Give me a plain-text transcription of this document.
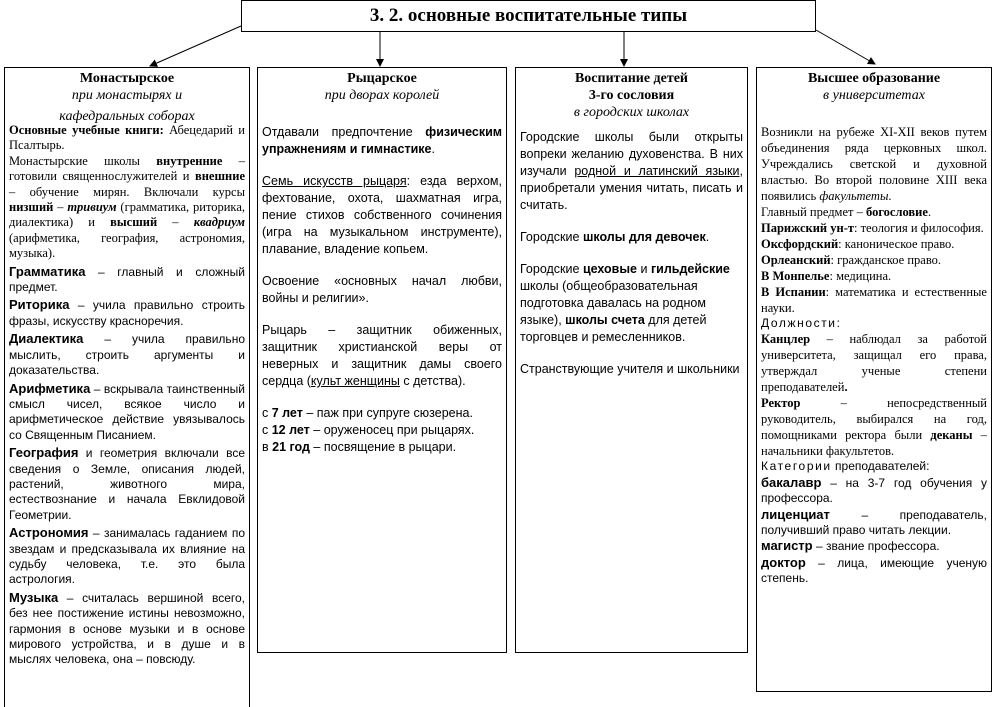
3. 2. основные воспитательные типы
Монастырское
при монастырях и
кафедральных соборах

Основные учебные книги: Абецедарий и Псалтырь.

Монастырские школы внутренние – готовили священнослужителей и внешние – обучение мирян. Включали курсы низший – тривиум (грамматика, риторика, диалектика) и высший – квадриум (арифметика, география, астрономия, музыка).

Грамматика – главный и сложный предмет.

Риторика – учила правильно строить фразы, искусству красноречия.

Диалектика – учила правильно мыслить, строить аргументы и доказательства.

Арифметика – вскрывала таинственный смысл чисел, всякое число и арифметическое действие увязывалось со Священным Писанием.

География и геометрия включали все сведения о Земле, описания людей, растений, животного мира, естествознание и начала Евклидовой Геометрии.

Астрономия – занималась гаданием по звездам и предсказывала их влияние на судьбу человека, т.е. это была астрология.

Музыка – считалась вершиной всего, без нее постижение истины невозможно, гармония в основе музыки и в основе мирового устройства, и в душе и в мыслях человека, она – повсюду.

Рыцарское
при дворах королей

Отдавали предпочтение физическим упражнениям и гимнастике.

Семь искусств рыцаря: езда верхом, фехтование, охота, шахматная игра, пение стихов собственного сочинения (игра на музыкальном инструменте), плавание, владение копьем.

Освоение «основных начал любви, войны и религии».

Рыцарь – защитник обиженных, защитник христианской веры от неверных и защитник дамы своего сердца (культ женщины с детства).

с 7 лет – паж при супруге сюзерена.

с 12 лет – оруженосец при рыцарях.

в 21 год – посвящение в рыцари.

Воспитание детей
3-го сословия
в городских школах

Городские школы были открыты вопреки желанию духовенства. В них изучали родной и латинский языки, приобретали умения читать, писать и считать.

Городские школы для девочек.

Городские цеховые и гильдейские школы (общеобразовательная подготовка давалась на родном языке), школы счета для детей торговцев и ремесленников.

Странствующие учителя и школьники

Высшее образование
в университетах

Возникли на рубеже XI-XII веков путем объединения ряда церковных школ. Учреждались светской и духовной властью. Во второй половине XIII века появились факультеты.

Главный предмет – богословие.

Парижский ун-т: теология и философия.

Оксфордский: каноническое право.

Орлеанский: гражданское право.

В Монпелье: медицина.

В Испании: математика и естественные науки.

Должности:

Канцлер – наблюдал за работой университета, защищал его права, утверждал ученые степени преподавателей.

Ректор – непосредственный руководитель, выбирался на год, помощниками ректора были деканы – начальники факультетов.

Категории преподавателей:

бакалавр – на 3-7 год обучения у профессора.

лиценциат – преподаватель, получивший право читать лекции.

магистр – звание профессора.

доктор – лица, имеющие ученую степень.
